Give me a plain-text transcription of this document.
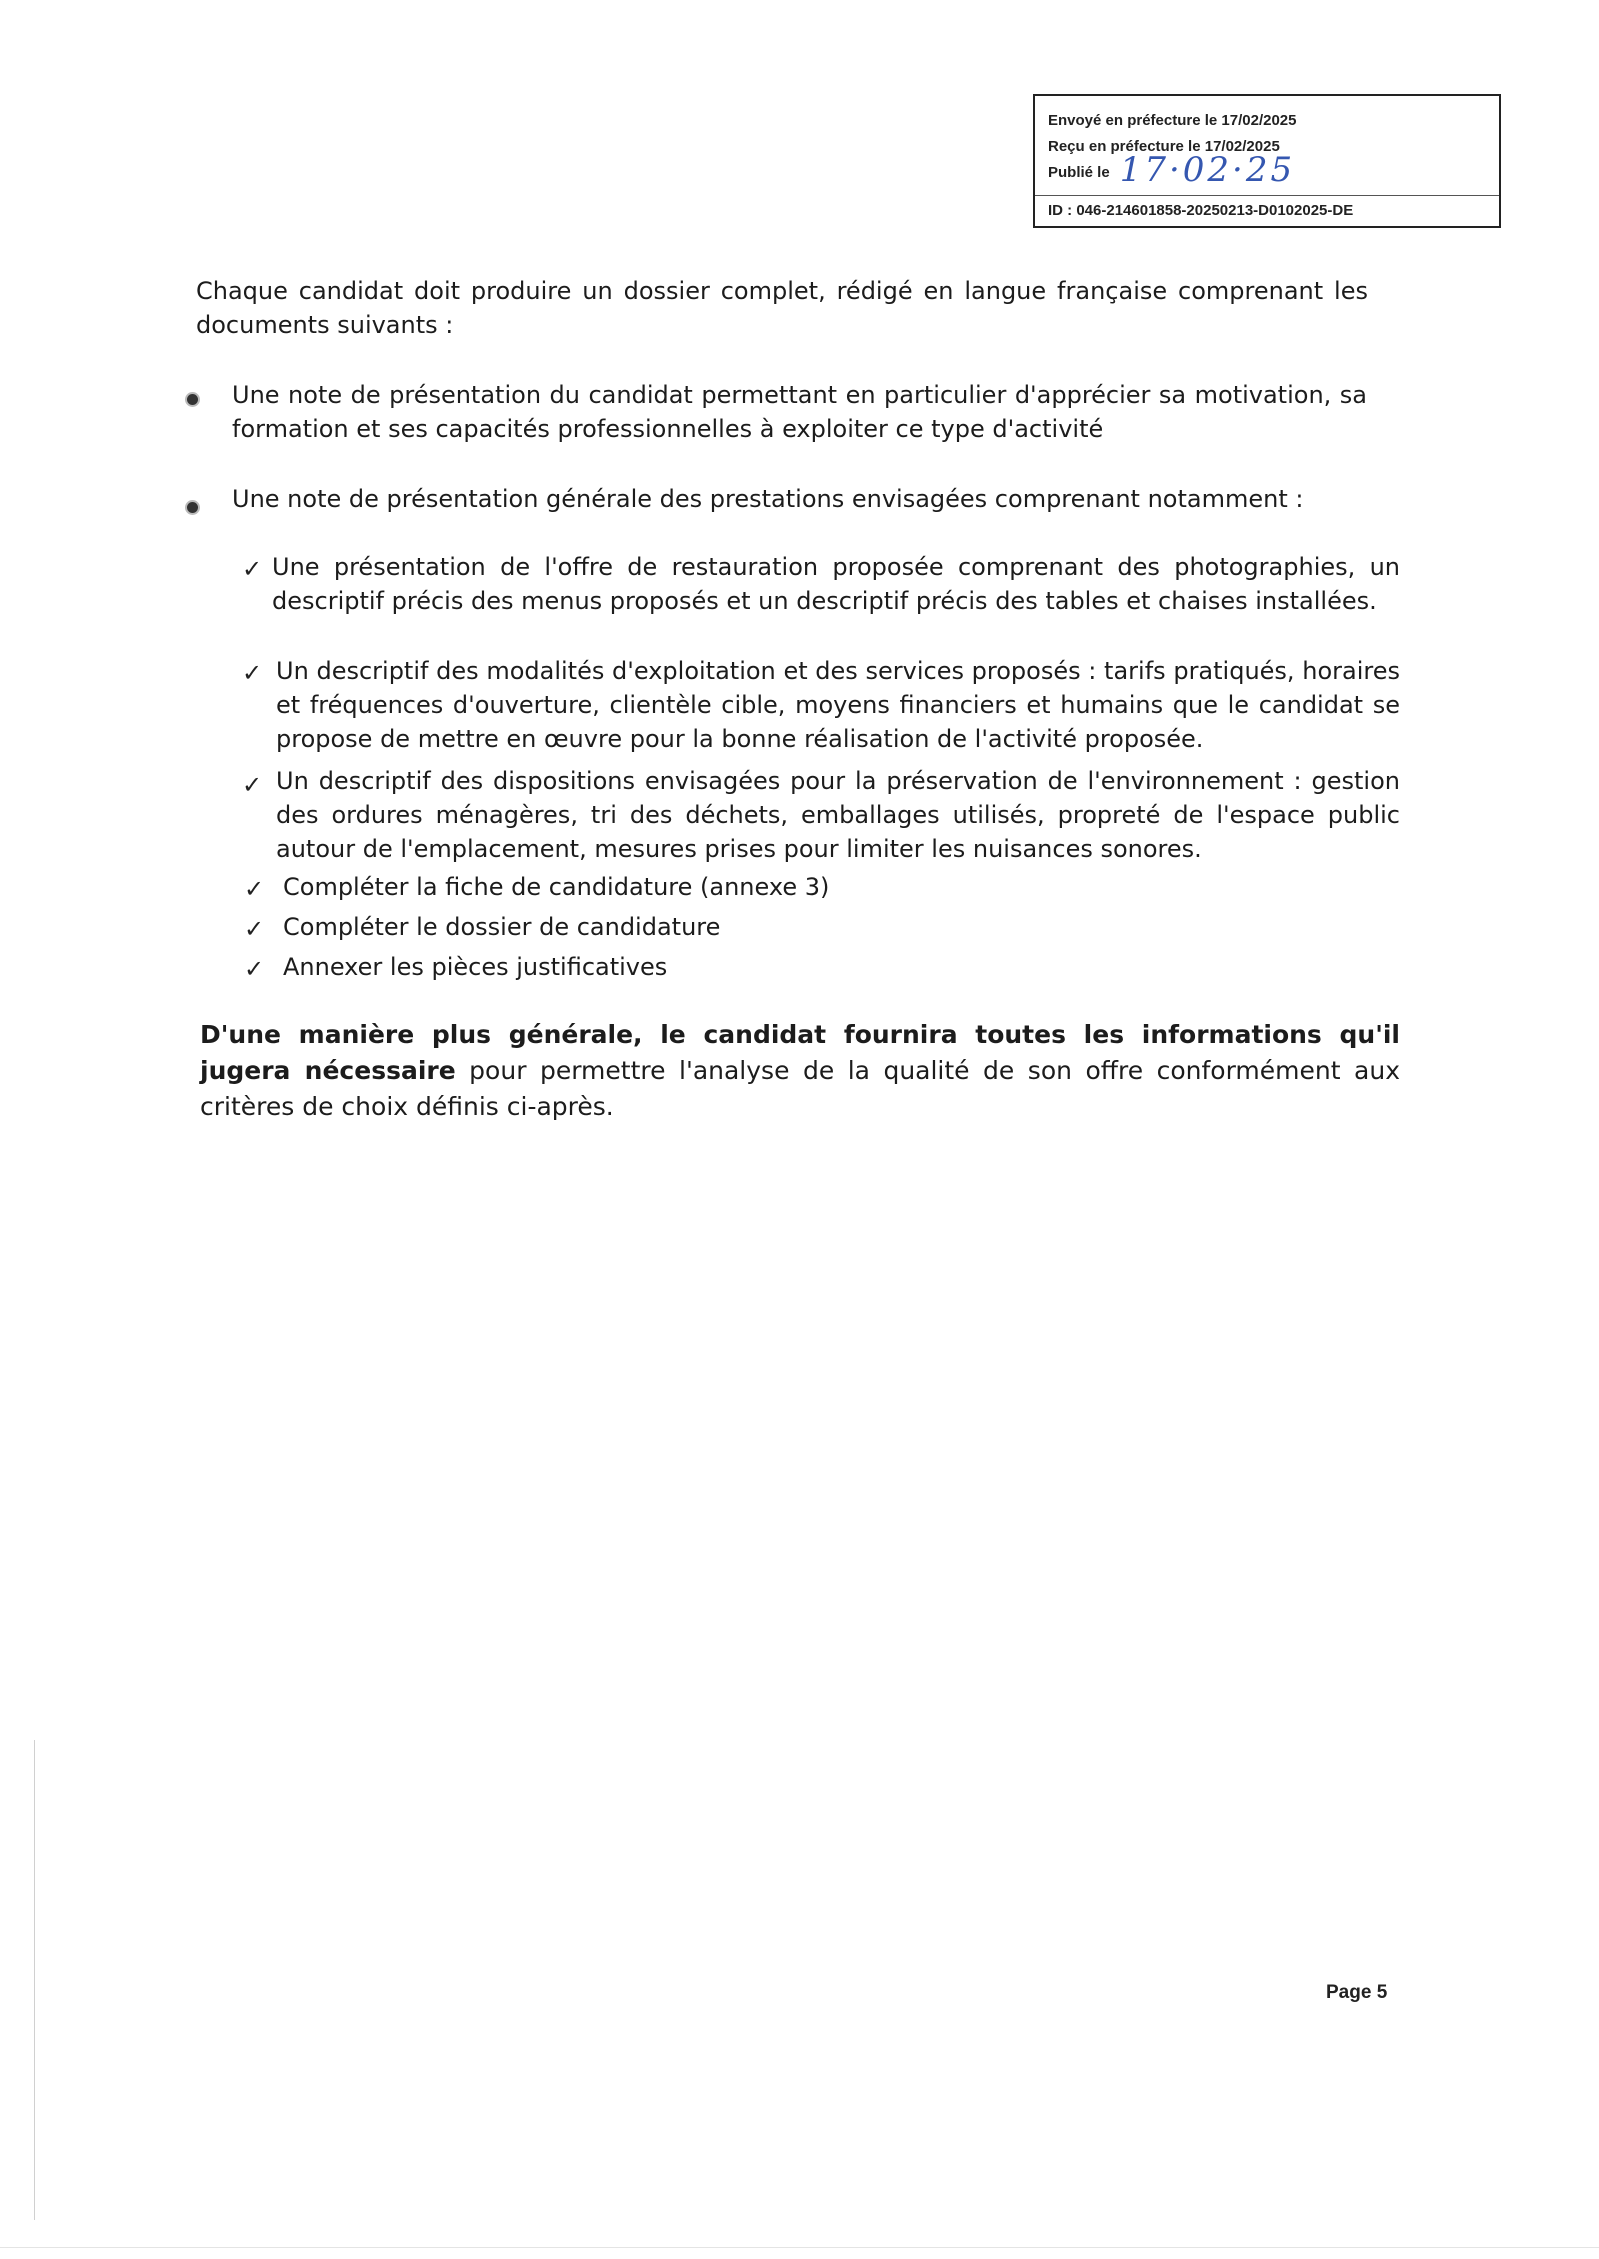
Envoyé en préfecture le 17/02/2025
Reçu en préfecture le 17/02/2025
Publié le 17·02·25
ID : 046-214601858-20250213-D0102025-DE
Chaque candidat doit produire un dossier complet, rédigé en langue française comprenant les documents suivants :
Une note de présentation du candidat permettant en particulier d'apprécier sa motivation, sa formation et ses capacités professionnelles à exploiter ce type d'activité
Une note de présentation générale des prestations envisagées comprenant notamment :
✓ Une présentation de l'offre de restauration proposée comprenant des photographies, un descriptif précis des menus proposés et un descriptif précis des tables et chaises installées.
✓ Un descriptif des modalités d'exploitation et des services proposés : tarifs pratiqués, horaires et fréquences d'ouverture, clientèle cible, moyens financiers et humains que le candidat se propose de mettre en œuvre pour la bonne réalisation de l'activité proposée.
✓ Un descriptif des dispositions envisagées pour la préservation de l'environnement : gestion des ordures ménagères, tri des déchets, emballages utilisés, propreté de l'espace public autour de l'emplacement, mesures prises pour limiter les nuisances sonores.
✓ Compléter la fiche de candidature (annexe 3)
✓ Compléter le dossier de candidature
✓ Annexer les pièces justificatives
D'une manière plus générale, le candidat fournira toutes les informations qu'il jugera nécessaire pour permettre l'analyse de la qualité de son offre conformément aux critères de choix définis ci-après.
Page 5
